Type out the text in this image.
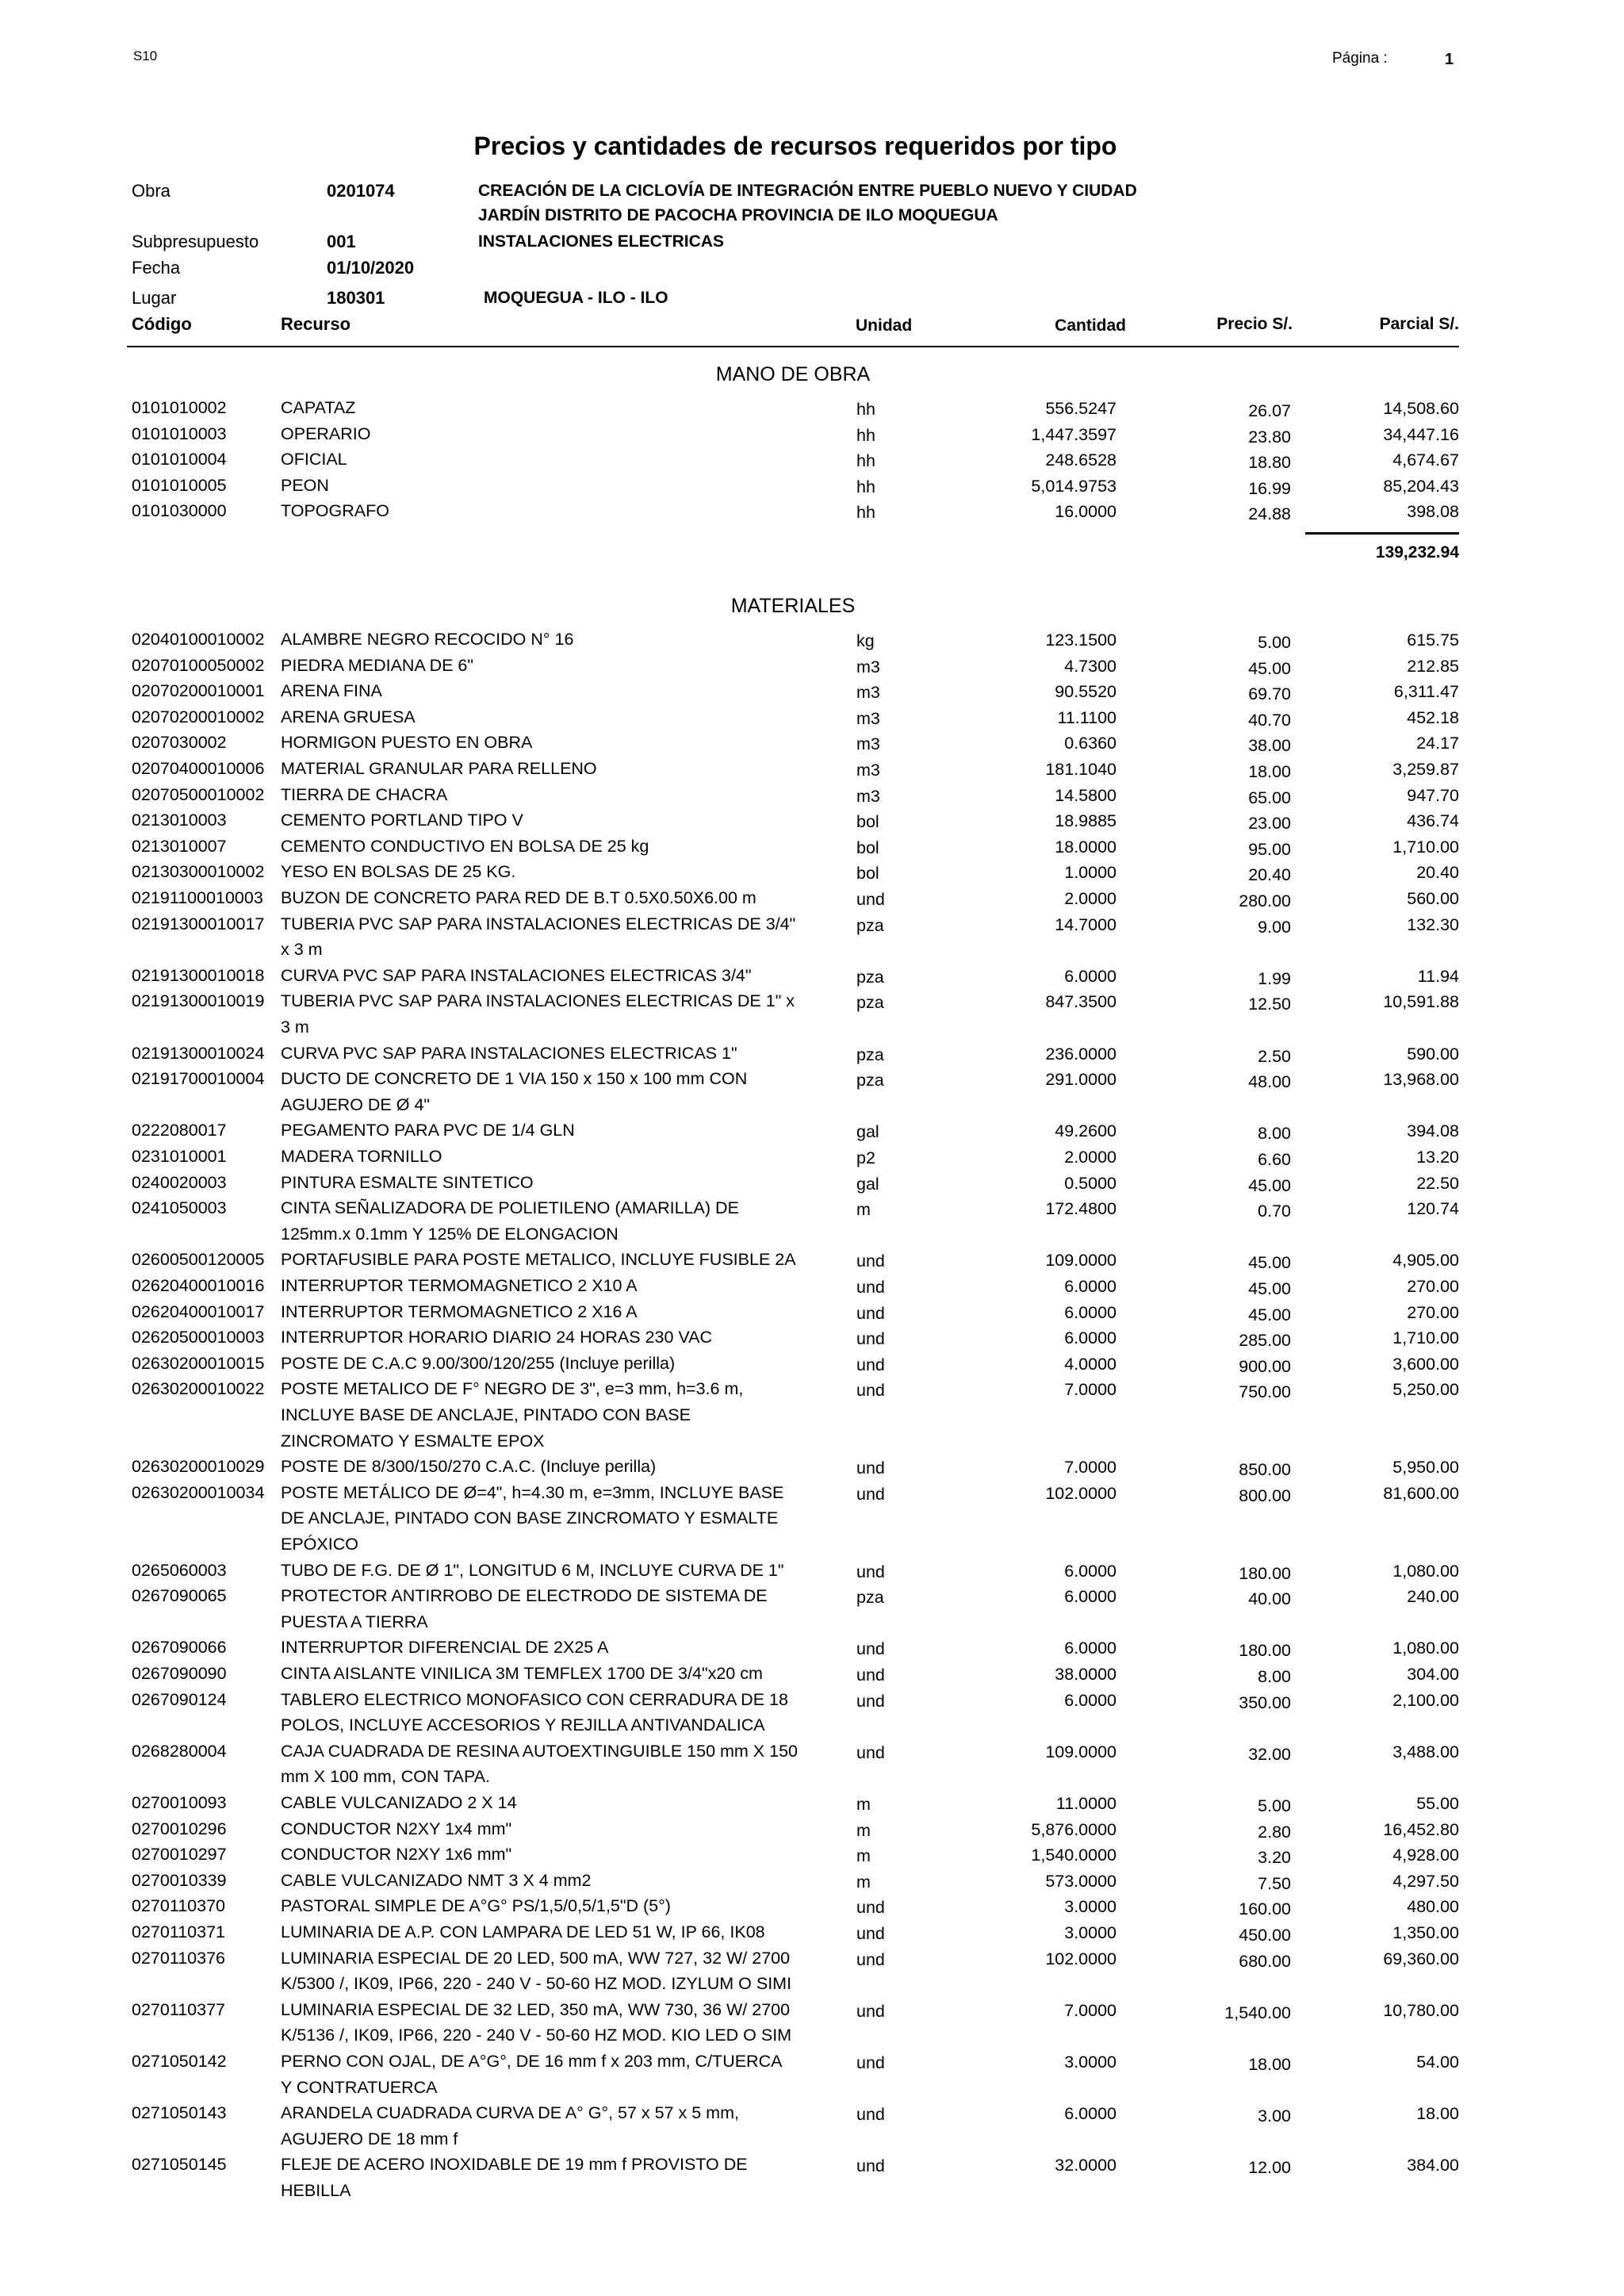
S10	Página :	1
Precios y cantidades de recursos requeridos por tipo
Obra	0201074	CREACIÓN DE LA CICLOVÍA DE INTEGRACIÓN ENTRE PUEBLO NUEVO Y CIUDAD
JARDÍN DISTRITO DE PACOCHA PROVINCIA DE ILO MOQUEGUA
Subpresupuesto	001	INSTALACIONES ELECTRICAS
Fecha	01/10/2020
Lugar	180301	MOQUEGUA - ILO - ILO
Código	Recurso	Unidad	Cantidad	Precio S/.	Parcial S/.
MANO DE OBRA
0101010002	CAPATAZ	hh	556.5247	26.07	14,508.60
0101010003	OPERARIO	hh	1,447.3597	23.80	34,447.16
0101010004	OFICIAL	hh	248.6528	18.80	4,674.67
0101010005	PEON	hh	5,014.9753	16.99	85,204.43
0101030000	TOPOGRAFO	hh	16.0000	24.88	398.08
139,232.94
MATERIALES
02040100010002 ALAMBRE NEGRO RECOCIDO N° 16	kg	123.1500	5.00	615.75
02070100050002 PIEDRA MEDIANA DE 6"	m3	4.7300	45.00	212.85
02070200010001 ARENA FINA	m3	90.5520	69.70	6,311.47
02070200010002 ARENA GRUESA	m3	11.1100	40.70	452.18
0207030002	HORMIGON PUESTO EN OBRA	m3	0.6360	38.00	24.17
02070400010006 MATERIAL GRANULAR PARA RELLENO	m3	181.1040	18.00	3,259.87
02070500010002 TIERRA DE CHACRA	m3	14.5800	65.00	947.70
0213010003	CEMENTO PORTLAND TIPO V	bol	18.9885	23.00	436.74
0213010007	CEMENTO CONDUCTIVO EN BOLSA DE 25 kg	bol	18.0000	95.00	1,710.00
02130300010002 YESO EN BOLSAS DE 25 KG.	bol	1.0000	20.40	20.40
02191100010003 BUZON DE CONCRETO PARA RED DE B.T 0.5X0.50X6.00 m	und	2.0000	280.00	560.00
02191300010017 TUBERIA PVC SAP PARA INSTALACIONES ELECTRICAS DE 3/4"
x 3 m
pza	14.7000	9.00	132.30
02191300010018 CURVA PVC SAP PARA INSTALACIONES ELECTRICAS 3/4"	pza	6.0000	1.99	11.94
02191300010019 TUBERIA PVC SAP PARA INSTALACIONES ELECTRICAS DE 1" x
3 m
pza	847.3500	12.50	10,591.88
02191300010024 CURVA PVC SAP PARA INSTALACIONES ELECTRICAS 1"	pza	236.0000	2.50	590.00
02191700010004 DUCTO DE CONCRETO DE 1 VIA 150 x 150 x 100 mm CON
AGUJERO DE Ø 4"
pza	291.0000	48.00	13,968.00
0222080017	PEGAMENTO PARA PVC DE 1/4 GLN	gal	49.2600	8.00	394.08
0231010001	MADERA TORNILLO	p2	2.0000	6.60	13.20
0240020003	PINTURA ESMALTE SINTETICO	gal	0.5000	45.00	22.50
0241050003	CINTA SEÑALIZADORA DE POLIETILENO (AMARILLA) DE
125mm.x 0.1mm Y 125% DE ELONGACION
m	172.4800	0.70	120.74
02600500120005 PORTAFUSIBLE PARA POSTE METALICO, INCLUYE FUSIBLE 2A	und	109.0000	45.00	4,905.00
02620400010016 INTERRUPTOR TERMOMAGNETICO 2 X10 A	und	6.0000	45.00	270.00
02620400010017 INTERRUPTOR TERMOMAGNETICO 2 X16 A	und	6.0000	45.00	270.00
02620500010003 INTERRUPTOR HORARIO DIARIO 24 HORAS 230 VAC	und	6.0000	285.00	1,710.00
02630200010015 POSTE DE C.A.C 9.00/300/120/255 (Incluye perilla)	und	4.0000	900.00	3,600.00
02630200010022 POSTE METALICO DE F° NEGRO DE 3", e=3 mm, h=3.6 m,
INCLUYE BASE DE ANCLAJE, PINTADO CON BASE
ZINCROMATO Y ESMALTE EPOX
und	7.0000	750.00	5,250.00
02630200010029 POSTE DE 8/300/150/270 C.A.C. (Incluye perilla)	und	7.0000	850.00	5,950.00
02630200010034 POSTE METÁLICO DE Ø=4", h=4.30 m, e=3mm, INCLUYE BASE
DE ANCLAJE, PINTADO CON BASE ZINCROMATO Y ESMALTE
EPÓXICO
und	102.0000	800.00	81,600.00
0265060003	TUBO DE F.G. DE Ø 1", LONGITUD 6 M, INCLUYE CURVA DE 1"	und	6.0000	180.00	1,080.00
0267090065	PROTECTOR ANTIRROBO DE ELECTRODO DE SISTEMA DE
PUESTA A TIERRA
pza	6.0000	40.00	240.00
0267090066	INTERRUPTOR DIFERENCIAL DE 2X25 A	und	6.0000	180.00	1,080.00
0267090090	CINTA AISLANTE VINILICA 3M TEMFLEX 1700 DE 3/4"x20 cm	und	38.0000	8.00	304.00
0267090124	TABLERO ELECTRICO MONOFASICO CON CERRADURA DE 18
POLOS, INCLUYE ACCESORIOS Y REJILLA ANTIVANDALICA
und	6.0000	350.00	2,100.00
0268280004	CAJA CUADRADA DE RESINA AUTOEXTINGUIBLE 150 mm X 150
mm X 100 mm, CON TAPA.
und	109.0000	32.00	3,488.00
0270010093	CABLE VULCANIZADO 2 X 14	m	11.0000	5.00	55.00
0270010296	CONDUCTOR N2XY 1x4 mm"	m	5,876.0000	2.80	16,452.80
0270010297	CONDUCTOR N2XY 1x6 mm"	m	1,540.0000	3.20	4,928.00
0270010339	CABLE VULCANIZADO NMT 3 X 4 mm2	m	573.0000	7.50	4,297.50
0270110370	PASTORAL SIMPLE DE A°G° PS/1,5/0,5/1,5"D (5°)	und	3.0000	160.00	480.00
0270110371	LUMINARIA DE A.P. CON LAMPARA DE LED 51 W, IP 66, IK08	und	3.0000	450.00	1,350.00
0270110376	LUMINARIA ESPECIAL DE 20 LED, 500 mA, WW 727, 32 W/ 2700
K/5300 /, IK09, IP66, 220 - 240 V - 50-60 HZ MOD. IZYLUM O SIMI
und	102.0000	680.00	69,360.00
0270110377	LUMINARIA ESPECIAL DE 32 LED, 350 mA, WW 730, 36 W/ 2700
K/5136 /, IK09, IP66, 220 - 240 V - 50-60 HZ MOD. KIO LED O SIM
und	7.0000	1,540.00	10,780.00
0271050142	PERNO CON OJAL, DE A°G°, DE 16 mm f x 203 mm, C/TUERCA
Y CONTRATUERCA
und	3.0000	18.00	54.00
0271050143	ARANDELA CUADRADA CURVA DE A° G°, 57 x 57 x 5 mm,
AGUJERO DE 18 mm f
und	6.0000	3.00	18.00
0271050145	FLEJE DE ACERO INOXIDABLE DE 19 mm f PROVISTO DE
HEBILLA
und	32.0000	12.00	384.00
